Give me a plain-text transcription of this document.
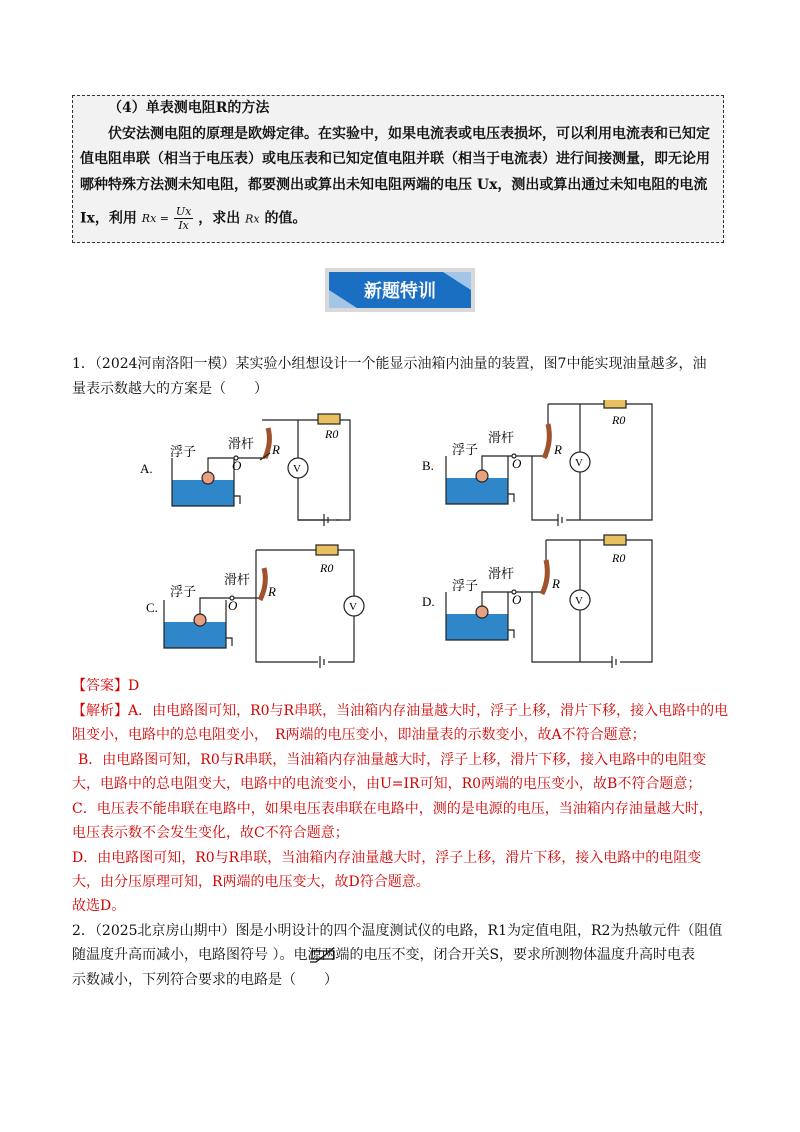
（4）单表测电阻R的方法
伏安法测电阻的原理是欧姆定律。在实验中，如果电流表或电压表损坏，可以利用电流表和已知定
值电阻串联（相当于电压表）或电压表和已知定值电阻并联（相当于电流表）进行间接测量，即无论用
哪种特殊方法测未知电阻，都要测出或算出未知电阻两端的电压 Ux，测出或算出通过未知电阻的电流
Ix，利用 $Rx = \frac{Ux}{Ix}$ ，求出 Rx 的值。
新题特训
1．（2024河南洛阳一模）某实验小组想设计一个能显示油箱内油量的装置，图7中能实现油量越多，油
量表示数越大的方案是（　　）
A.
浮子
滑杆
O
R
R0
V	B.
浮子
滑杆
O
R
R0
V
C.
浮子
滑杆
O
R
R0
V	D.
浮子
滑杆
O
R
R0
V
【答案】D
【解析】A．由电路图可知，R0与R串联，当油箱内存油量越大时，浮子上移，滑片下移，接入电路中的电
阻变小，电路中的总电阻变小，　R两端的电压变小，即油量表的示数变小，故A不符合题意；
B．由电路图可知，R0与R串联，当油箱内存油量越大时，浮子上移，滑片下移，接入电路中的电阻变
大，电路中的总电阻变大，电路中的电流变小，由U=IR可知，R0两端的电压变小，故B不符合题意；
C．电压表不能串联在电路中，如果电压表串联在电路中，测的是电源的电压，当油箱内存油量越大时，
电压表示数不会发生变化，故C不符合题意；
D．由电路图可知，R0与R串联，当油箱内存油量越大时，浮子上移，滑片下移，接入电路中的电阻变
大，由分压原理可知，R两端的电压变大，故D符合题意。
故选D。
2．（2025北京房山期中）图是小明设计的四个温度测试仪的电路，R1为定值电阻，R2为热敏元件（阻值
随温度升高而减小，电路图符号 ）。电源两端的电压不变，闭合开关S，要求所测物体温度升高时电表
示数减小，下列符合要求的电路是（　　）
